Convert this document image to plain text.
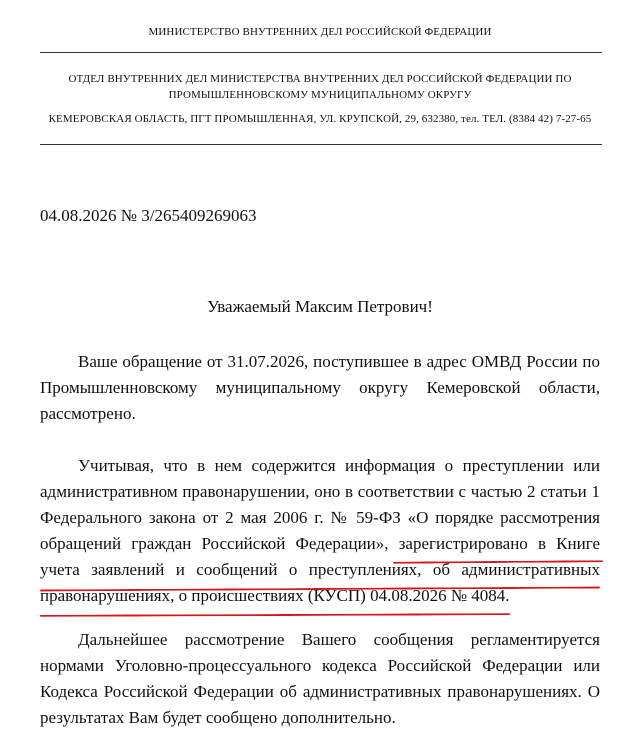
МИНИСТЕРСТВО ВНУТРЕННИХ ДЕЛ РОССИЙСКОЙ ФЕДЕРАЦИИ
ОТДЕЛ ВНУТРЕННИХ ДЕЛ МИНИСТЕРСТВА ВНУТРЕННИХ ДЕЛ РОССИЙСКОЙ ФЕДЕРАЦИИ ПО ПРОМЫШЛЕННОВСКОМУ МУНИЦИПАЛЬНОМУ ОКРУГУ
КЕМЕРОВСКАЯ ОБЛАСТЬ, ПГТ ПРОМЫШЛЕННАЯ, УЛ. КРУПСКОЙ, 29, 632380, тел. ТЕЛ. (8384 42) 7-27-65
04.08.2026 № 3/265409269063
Уважаемый Максим Петрович!

Ваше обращение от 31.07.2026, поступившее в адрес ОМВД России по
Промышленновскому муниципальному округу Кемеровской области,
рассмотрено.

Учитывая, что в нем содержится информация о преступлении или
административном правонарушении, оно в соответствии с частью 2 статьи 1
Федерального закона от 2 мая 2006 г. № 59-ФЗ «О порядке рассмотрения
обращений граждан Российской Федерации», зарегистрировано в Книге
учета заявлений и сообщений о преступлениях, об административных
правонарушениях, о происшествиях (КУСП) 04.08.2026 № 4084.

Дальнейшее рассмотрение Вашего сообщения регламентируется
нормами Уголовно-процессуального кодекса Российской Федерации или
Кодекса Российской Федерации об административных правонарушениях. О
результатах Вам будет сообщено дополнительно.
